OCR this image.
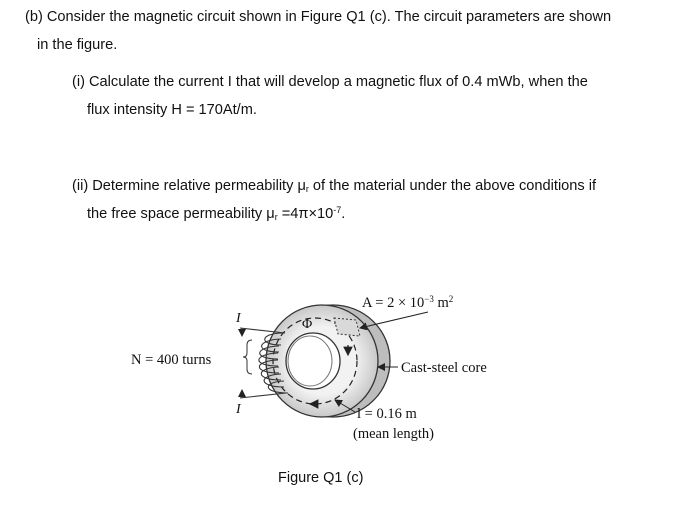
(b) Consider the magnetic circuit shown in Figure Q1 (c). The circuit parameters are shown
in the figure.
(i) Calculate the current I that will develop a magnetic flux of 0.4 mWb, when the
flux intensity H = 170At/m.
(ii) Determine relative permeability $\mu_r$ of the material under the above conditions if
the free space permeability $\mu_r =4\pi\times 10^{-7}$.
$A = 2 \times 10^{-3}$ $m^2$
I
I
Φ
N = 400 turns	Cast-steel core
l = 0.16 m
(mean length)
Figure Q1 (c)
